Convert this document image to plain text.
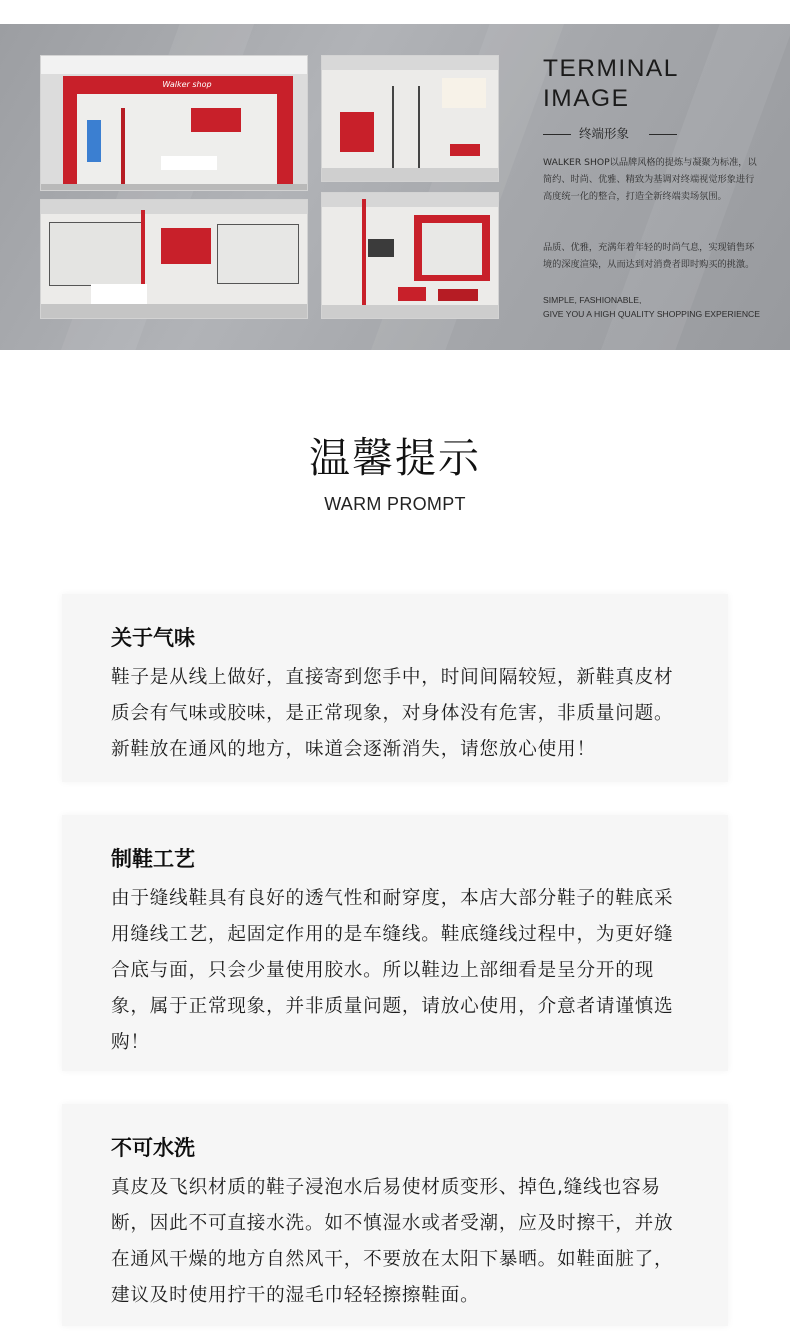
Walker shop
TERMINAL
IMAGE
终端形象
WALKER SHOP以品牌风格的提炼与凝聚为标准，以简约、时尚、优雅、精致为基调对终端视觉形象进行高度统一化的整合，打造全新终端卖场氛围。
品质、优雅，充满年着年轻的时尚气息，实现销售环境的深度渲染，从而达到对消费者即时购买的挑激。
SIMPLE, FASHIONABLE,
GIVE YOU A HIGH QUALITY SHOPPING EXPERIENCE
温馨提示
WARM PROMPT
关于气味
鞋子是从线上做好，直接寄到您手中，时间间隔较短，新鞋真皮材质会有气味或胶味，是正常现象，对身体没有危害，非质量问题。新鞋放在通风的地方，味道会逐渐消失，请您放心使用！
制鞋工艺
由于缝线鞋具有良好的透气性和耐穿度，本店大部分鞋子的鞋底采用缝线工艺，起固定作用的是车缝线。鞋底缝线过程中，为更好缝合底与面，只会少量使用胶水。所以鞋边上部细看是呈分开的现象，属于正常现象，并非质量问题，请放心使用，介意者请谨慎选购！
不可水洗
真皮及飞织材质的鞋子浸泡水后易使材质变形、掉色,缝线也容易断，因此不可直接水洗。如不慎湿水或者受潮，应及时擦干，并放在通风干燥的地方自然风干，不要放在太阳下暴晒。如鞋面脏了，建议及时使用拧干的湿毛巾轻轻擦擦鞋面。
